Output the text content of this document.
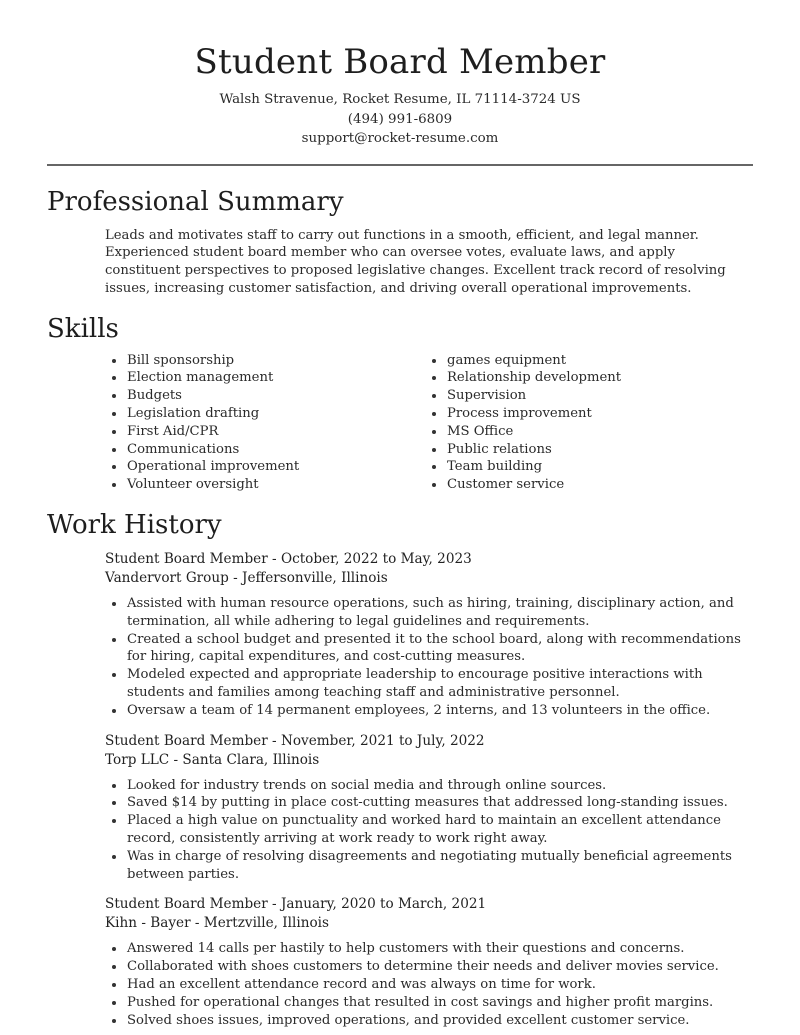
Student Board Member
Walsh Stravenue, Rocket Resume, IL 71114-3724 US
(494) 991-6809
support@rocket-resume.com
Professional Summary

Leads and motivates staff to carry out functions in a smooth, efficient, and legal manner. Experienced student board member who can oversee votes, evaluate laws, and apply constituent perspectives to proposed legislative changes. Excellent track record of resolving issues, increasing customer satisfaction, and driving overall operational improvements.

Skills
Bill sponsorship
Election management
Budgets
Legislation drafting
First Aid/CPR
Communications
Operational improvement
Volunteer oversight
games equipment
Relationship development
Supervision
Process improvement
MS Office
Public relations
Team building
Customer service
Work History
Student Board Member - October, 2022 to May, 2023
Vandervort Group - Jeffersonville, Illinois
Assisted with human resource operations, such as hiring, training, disciplinary action, and termination, all while adhering to legal guidelines and requirements.
Created a school budget and presented it to the school board, along with recommendations for hiring, capital expenditures, and cost-cutting measures.
Modeled expected and appropriate leadership to encourage positive interactions with students and families among teaching staff and administrative personnel.
Oversaw a team of 14 permanent employees, 2 interns, and 13 volunteers in the office.
Student Board Member - November, 2021 to July, 2022
Torp LLC - Santa Clara, Illinois
Looked for industry trends on social media and through online sources.
Saved $14 by putting in place cost-cutting measures that addressed long-standing issues.
Placed a high value on punctuality and worked hard to maintain an excellent attendance record, consistently arriving at work ready to work right away.
Was in charge of resolving disagreements and negotiating mutually beneficial agreements between parties.
Student Board Member - January, 2020 to March, 2021
Kihn - Bayer - Mertzville, Illinois
Answered 14 calls per hastily to help customers with their questions and concerns.
Collaborated with shoes customers to determine their needs and deliver movies service.
Had an excellent attendance record and was always on time for work.
Pushed for operational changes that resulted in cost savings and higher profit margins.
Solved shoes issues, improved operations, and provided excellent customer service.
